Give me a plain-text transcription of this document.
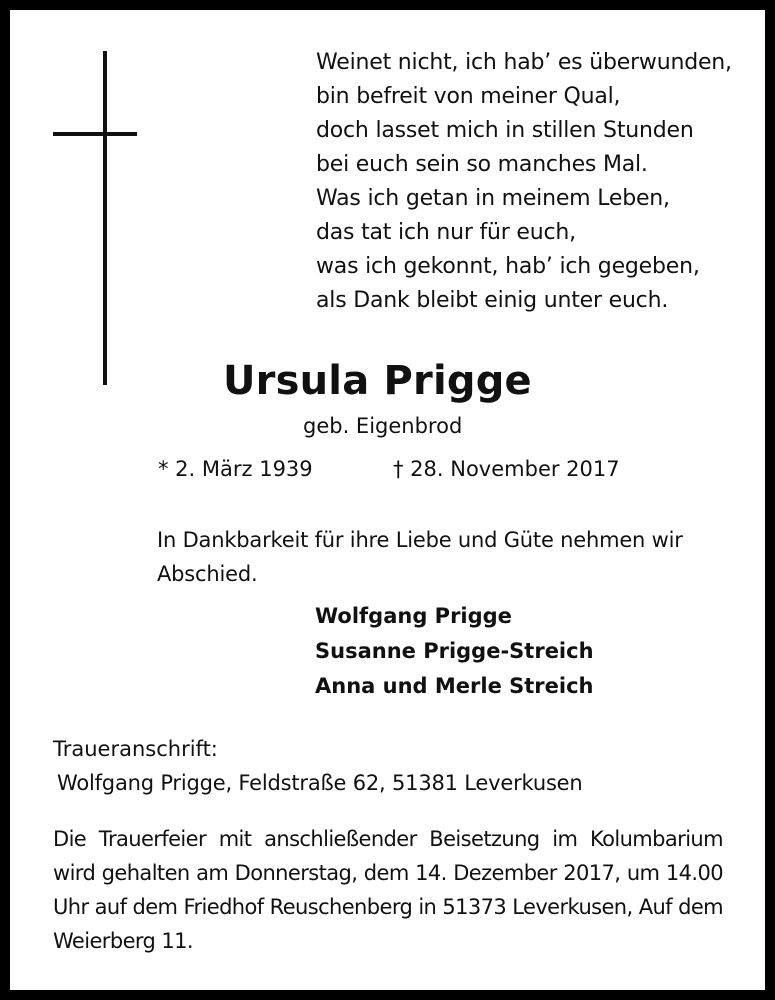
Weinet nicht, ich hab’ es überwunden,
bin befreit von meiner Qual,
doch lasset mich in stillen Stunden
bei euch sein so manches Mal.
Was ich getan in meinem Leben,
das tat ich nur für euch,
was ich gekonnt, hab’ ich gegeben,
als Dank bleibt einig unter euch.
Ursula Prigge
geb. Eigenbrod
* 2. März 1939	† 28. November 2017
In Dankbarkeit für ihre Liebe und Güte nehmen wir Abschied.
Wolfgang Prigge
Susanne Prigge-Streich
Anna und Merle Streich
Traueranschrift:
Wolfgang Prigge, Feldstraße 62, 51381 Leverkusen
Die Trauerfeier mit anschließender Beisetzung im Kolumbarium wird gehalten am Donnerstag, dem 14. Dezember 2017, um 14.00 Uhr auf dem Friedhof Reuschenberg in 51373 Leverkusen, Auf dem Weierberg 11.
